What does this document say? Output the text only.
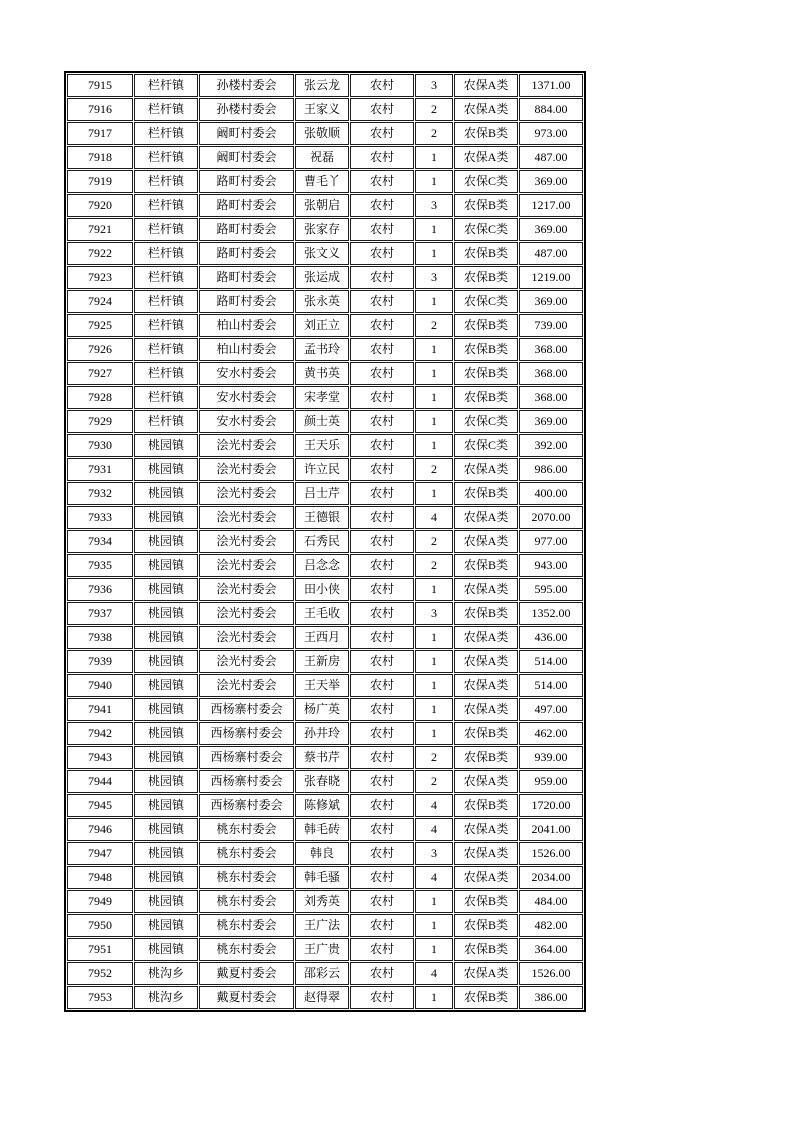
7915	栏杆镇	孙楼村委会	张云龙	农村	3	农保A类	1371.00
7916	栏杆镇	孙楼村委会	王家义	农村	2	农保A类	884.00
7917	栏杆镇	阚町村委会	张敬顺	农村	2	农保B类	973.00
7918	栏杆镇	阚町村委会	祝磊	农村	1	农保A类	487.00
7919	栏杆镇	路町村委会	曹毛丫	农村	1	农保C类	369.00
7920	栏杆镇	路町村委会	张朝启	农村	3	农保B类	1217.00
7921	栏杆镇	路町村委会	张家存	农村	1	农保C类	369.00
7922	栏杆镇	路町村委会	张文义	农村	1	农保B类	487.00
7923	栏杆镇	路町村委会	张运成	农村	3	农保B类	1219.00
7924	栏杆镇	路町村委会	张永英	农村	1	农保C类	369.00
7925	栏杆镇	柏山村委会	刘正立	农村	2	农保B类	739.00
7926	栏杆镇	柏山村委会	孟书玲	农村	1	农保B类	368.00
7927	栏杆镇	安水村委会	黄书英	农村	1	农保B类	368.00
7928	栏杆镇	安水村委会	宋孝堂	农村	1	农保B类	368.00
7929	栏杆镇	安水村委会	颜士英	农村	1	农保C类	369.00
7930	桃园镇	浍光村委会	王天乐	农村	1	农保C类	392.00
7931	桃园镇	浍光村委会	许立民	农村	2	农保A类	986.00
7932	桃园镇	浍光村委会	吕士芹	农村	1	农保B类	400.00
7933	桃园镇	浍光村委会	王德银	农村	4	农保A类	2070.00
7934	桃园镇	浍光村委会	石秀民	农村	2	农保A类	977.00
7935	桃园镇	浍光村委会	吕念念	农村	2	农保B类	943.00
7936	桃园镇	浍光村委会	田小侠	农村	1	农保A类	595.00
7937	桃园镇	浍光村委会	王毛收	农村	3	农保B类	1352.00
7938	桃园镇	浍光村委会	王西月	农村	1	农保A类	436.00
7939	桃园镇	浍光村委会	王新房	农村	1	农保A类	514.00
7940	桃园镇	浍光村委会	王天举	农村	1	农保A类	514.00
7941	桃园镇	西杨寨村委会	杨广英	农村	1	农保A类	497.00
7942	桃园镇	西杨寨村委会	孙井玲	农村	1	农保B类	462.00
7943	桃园镇	西杨寨村委会	蔡书芹	农村	2	农保B类	939.00
7944	桃园镇	西杨寨村委会	张春晓	农村	2	农保A类	959.00
7945	桃园镇	西杨寨村委会	陈修斌	农村	4	农保B类	1720.00
7946	桃园镇	桃东村委会	韩毛砖	农村	4	农保A类	2041.00
7947	桃园镇	桃东村委会	韩良	农村	3	农保A类	1526.00
7948	桃园镇	桃东村委会	韩毛骚	农村	4	农保A类	2034.00
7949	桃园镇	桃东村委会	刘秀英	农村	1	农保B类	484.00
7950	桃园镇	桃东村委会	王广法	农村	1	农保B类	482.00
7951	桃园镇	桃东村委会	王广贵	农村	1	农保B类	364.00
7952	桃沟乡	戴夏村委会	邵彩云	农村	4	农保A类	1526.00
7953	桃沟乡	戴夏村委会	赵得翠	农村	1	农保B类	386.00
